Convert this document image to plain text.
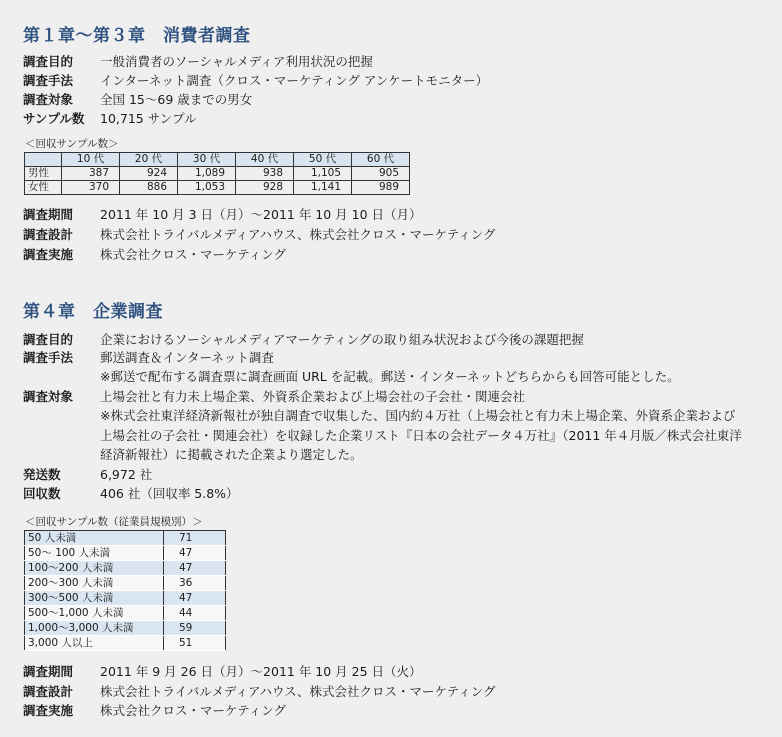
第１章〜第３章　消費者調査
調査目的 一般消費者のソーシャルメディア利用状況の把握
調査手法 インターネット調査（クロス・マーケティング アンケートモニター）
調査対象 全国 15〜69 歳までの男女
サンプル数 10,715 サンプル
＜回収サンプル数＞
	10 代	20 代	30 代	40 代	50 代	60 代
男性	387	924	1,089	938	1,105	905
女性	370	886	1,053	928	1,141	989
調査期間 2011 年 10 月 3 日（月）〜2011 年 10 月 10 日（月）
調査設計 株式会社トライバルメディアハウス、株式会社クロス・マーケティング
調査実施 株式会社クロス・マーケティング
第４章　企業調査
調査目的 企業におけるソーシャルメディアマーケティングの取り組み状況および今後の課題把握
調査手法 郵送調査＆インターネット調査
※郵送で配布する調査票に調査画面 URL を記載。郵送・インターネットどちらからも回答可能とした。
調査対象 上場会社と有力未上場企業、外資系企業および上場会社の子会社・関連会社
※株式会社東洋経済新報社が独自調査で収集した、国内約４万社（上場会社と有力未上場企業、外資系企業および
上場会社の子会社・関連会社）を収録した企業リスト『日本の会社データ４万社』（2011 年４月版／株式会社東洋
経済新報社）に掲載された企業より選定した。
発送数	6,972 社
回収数	406 社（回収率 5.8%）
＜回収サンプル数（従業員規模別）＞
50 人未満	71
50〜 100 人未満	47
100〜200 人未満	47
200〜300 人未満	36
300〜500 人未満	47
500〜1,000 人未満	44
1,000〜3,000 人未満	59
3,000 人以上	51
調査期間 2011 年 9 月 26 日（月）〜2011 年 10 月 25 日（火）
調査設計 株式会社トライバルメディアハウス、株式会社クロス・マーケティング
調査実施 株式会社クロス・マーケティング
